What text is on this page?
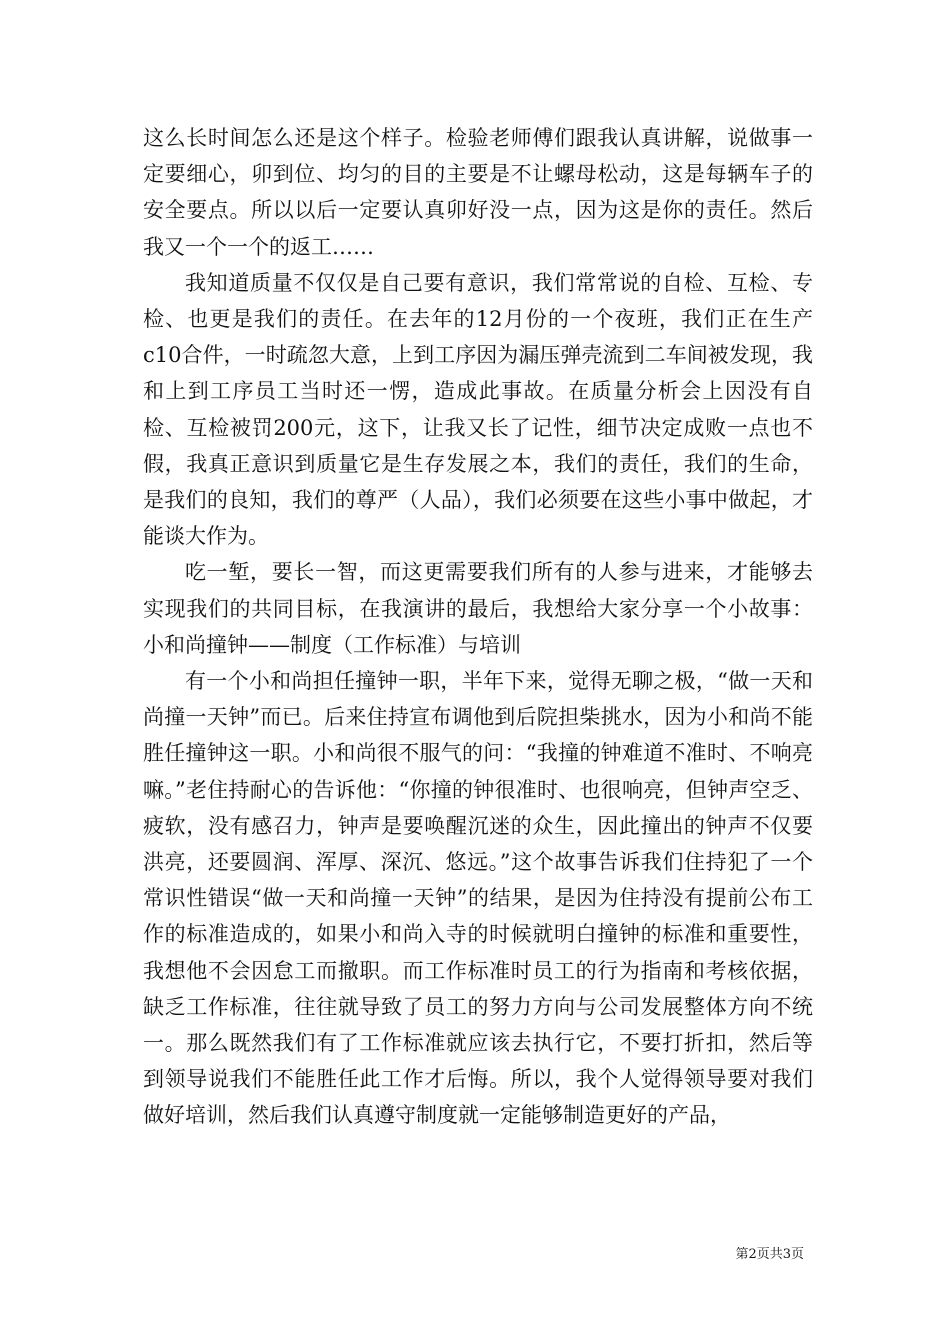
这么长时间怎么还是这个样子。检验老师傅们跟我认真讲解，说做事一定要细心，卯到位、均匀的目的主要是不让螺母松动，这是每辆车子的安全要点。所以以后一定要认真卯好没一点，因为这是你的责任。然后我又一个一个的返工……

我知道质量不仅仅是自己要有意识，我们常常说的自检、互检、专检、也更是我们的责任。在去年的12月份的一个夜班，我们正在生产c10合件，一时疏忽大意，上到工序因为漏压弹壳流到二车间被发现，我和上到工序员工当时还一愣，造成此事故。在质量分析会上因没有自检、互检被罚200元，这下，让我又长了记性，细节决定成败一点也不假，我真正意识到质量它是生存发展之本，我们的责任，我们的生命，是我们的良知，我们的尊严（人品），我们必须要在这些小事中做起，才能谈大作为。

吃一堑，要长一智，而这更需要我们所有的人参与进来，才能够去实现我们的共同目标，在我演讲的最后，我想给大家分享一个小故事：小和尚撞钟——制度（工作标准）与培训

有一个小和尚担任撞钟一职，半年下来，觉得无聊之极，“做一天和尚撞一天钟”而已。后来住持宣布调他到后院担柴挑水，因为小和尚不能胜任撞钟这一职。小和尚很不服气的问：“我撞的钟难道不准时、不响亮嘛。”老住持耐心的告诉他：“你撞的钟很准时、也很响亮，但钟声空乏、疲软，没有感召力，钟声是要唤醒沉迷的众生，因此撞出的钟声不仅要洪亮，还要圆润、浑厚、深沉、悠远。”这个故事告诉我们住持犯了一个常识性错误“做一天和尚撞一天钟”的结果，是因为住持没有提前公布工作的标准造成的，如果小和尚入寺的时候就明白撞钟的标准和重要性，我想他不会因怠工而撤职。而工作标准时员工的行为指南和考核依据，缺乏工作标准，往往就导致了员工的努力方向与公司发展整体方向不统一。那么既然我们有了工作标准就应该去执行它，不要打折扣，然后等到领导说我们不能胜任此工作才后悔。所以，我个人觉得领导要对我们做好培训，然后我们认真遵守制度就一定能够制造更好的产品，

第2页共3页
